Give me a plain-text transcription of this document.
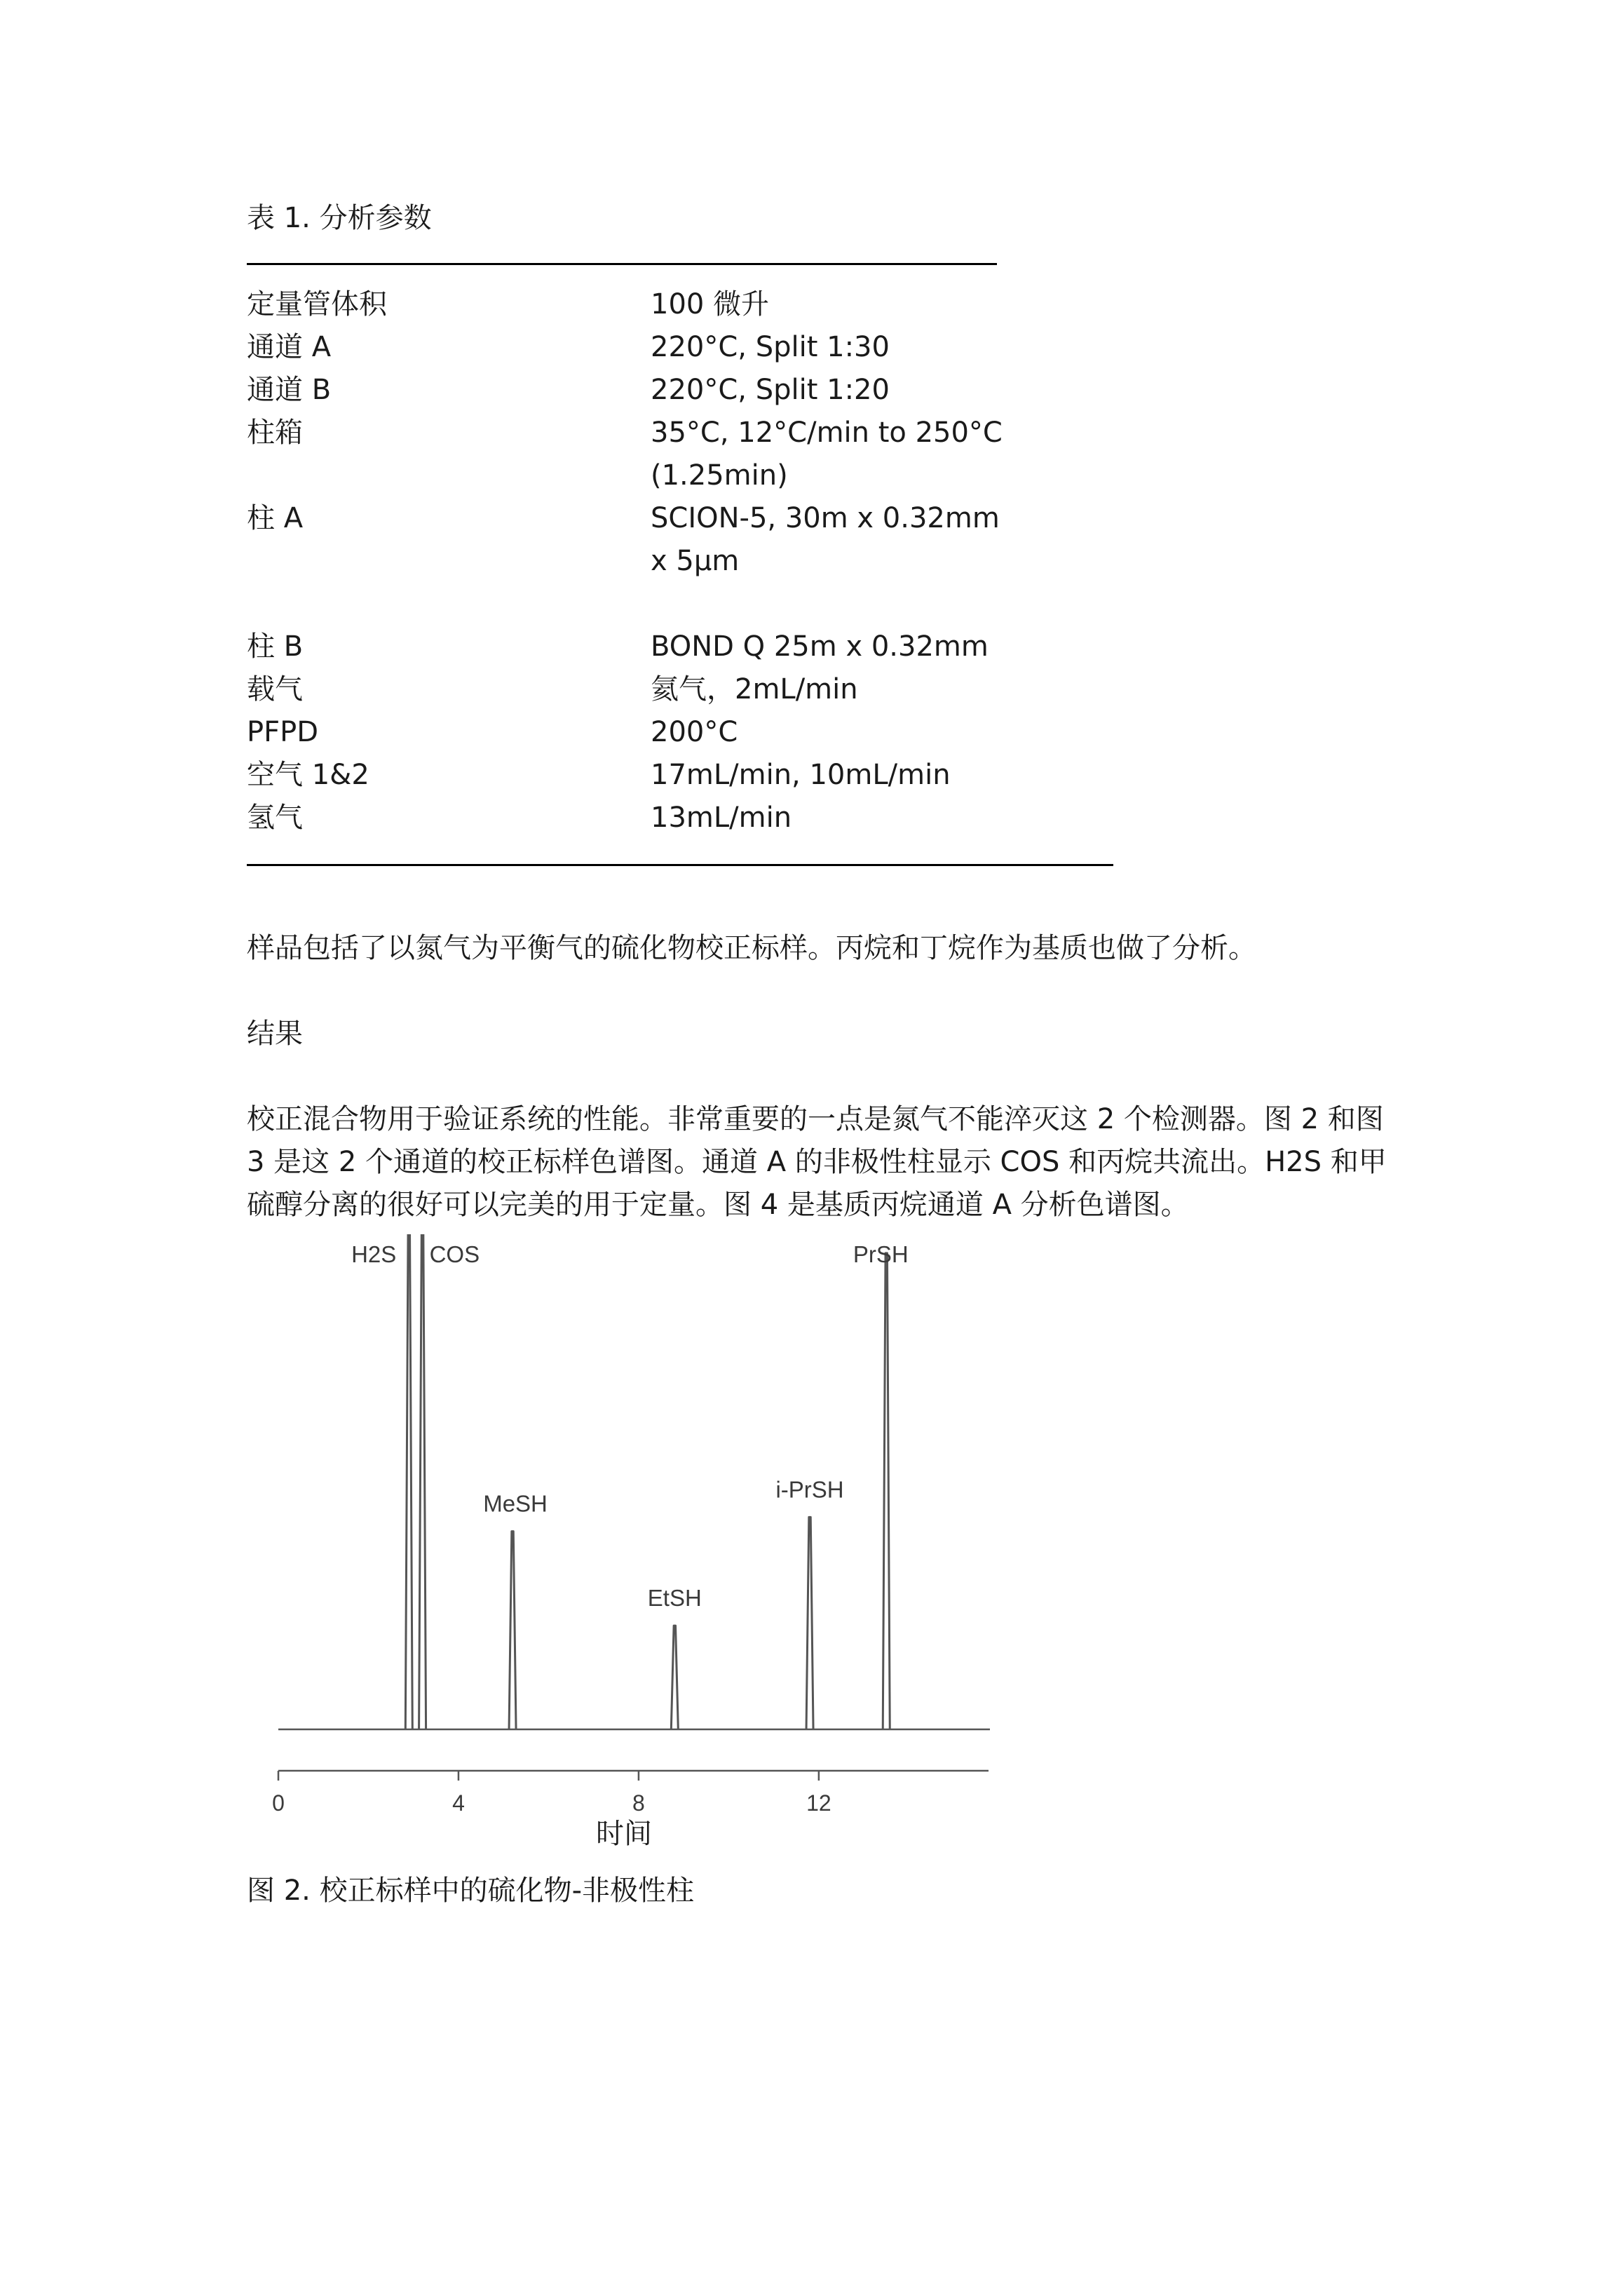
表 1. 分析参数
定量管体积	100 微升
通道 A	220°C, Split 1:30
通道 B	220°C, Split 1:20
柱箱	35°C, 12°C/min to 250°C
(1.25min)
柱 A	SCION-5, 30m x 0.32mm
x 5μm
柱 B	BOND Q 25m x 0.32mm
载气	氦气，2mL/min
PFPD	200°C
空气 1&2	17mL/min, 10mL/min
氢气	13mL/min
样品包括了以氮气为平衡气的硫化物校正标样。丙烷和丁烷作为基质也做了分析。
结果
校正混合物用于验证系统的性能。非常重要的一点是氮气不能淬灭这 2 个检测器。图 2 和图 3 是这 2 个通道的校正标样色谱图。通道 A 的非极性柱显示 COS 和丙烷共流出。H2S 和甲硫醇分离的很好可以完美的用于定量。图 4 是基质丙烷通道 A 分析色谱图。
0	4	8	12
时间
H2S COS
MeSH
EtSH
i-PrSH
PrSH
图 2. 校正标样中的硫化物-非极性柱
